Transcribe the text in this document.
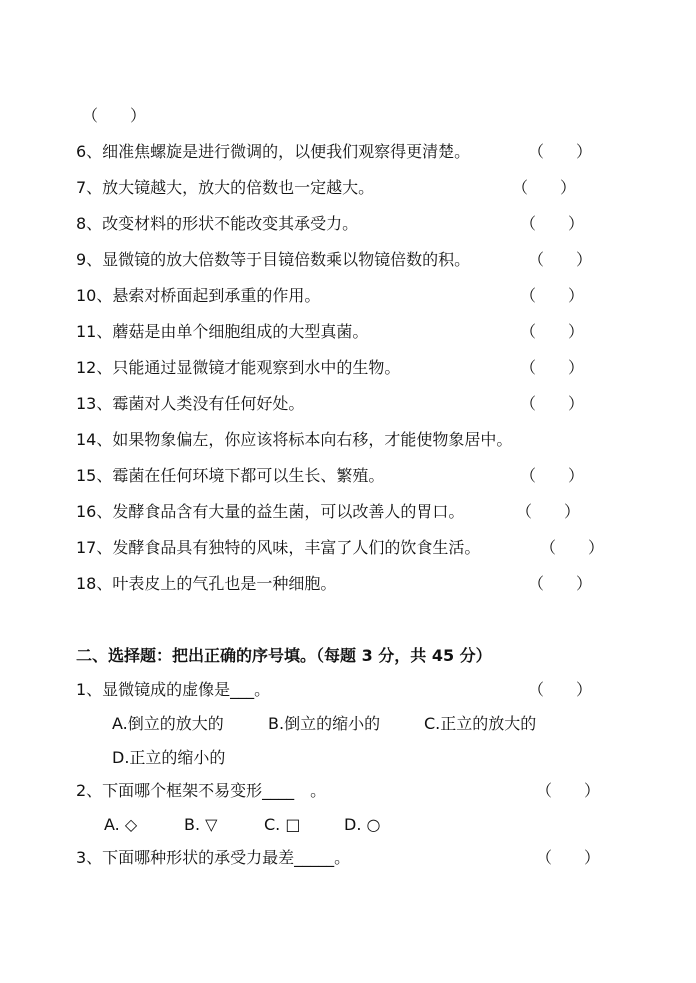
（　　）
6、细准焦螺旋是进行微调的，以便我们观察得更清楚。	（　　）
7、放大镜越大，放大的倍数也一定越大。	（　　）
8、改变材料的形状不能改变其承受力。	（　　）
9、显微镜的放大倍数等于目镜倍数乘以物镜倍数的积。	（　　）
10、悬索对桥面起到承重的作用。	（　　）
11、蘑菇是由单个细胞组成的大型真菌。	（　　）
12、只能通过显微镜才能观察到水中的生物。	（　　）
13、霉菌对人类没有任何好处。	（　　）
14、如果物象偏左，你应该将标本向右移，才能使物象居中。
15、霉菌在任何环境下都可以生长、繁殖。	（　　）
16、发酵食品含有大量的益生菌，可以改善人的胃口。	（　　）
17、发酵食品具有独特的风味，丰富了人们的饮食生活。	（　　）
18、叶表皮上的气孔也是一种细胞。	（　　）
二、选择题：把出正确的序号填。（每题 3 分，共 45 分）
1、显微镜成的虚像是___。	（　　）
A.倒立的放大的	B.倒立的缩小的	C.正立的放大的
D.正立的缩小的
2、下面哪个框架不易变形____　。	（　　）
A. ◇	B. ▽	C. □	D. ○
3、下面哪种形状的承受力最差_____。	（　　）
